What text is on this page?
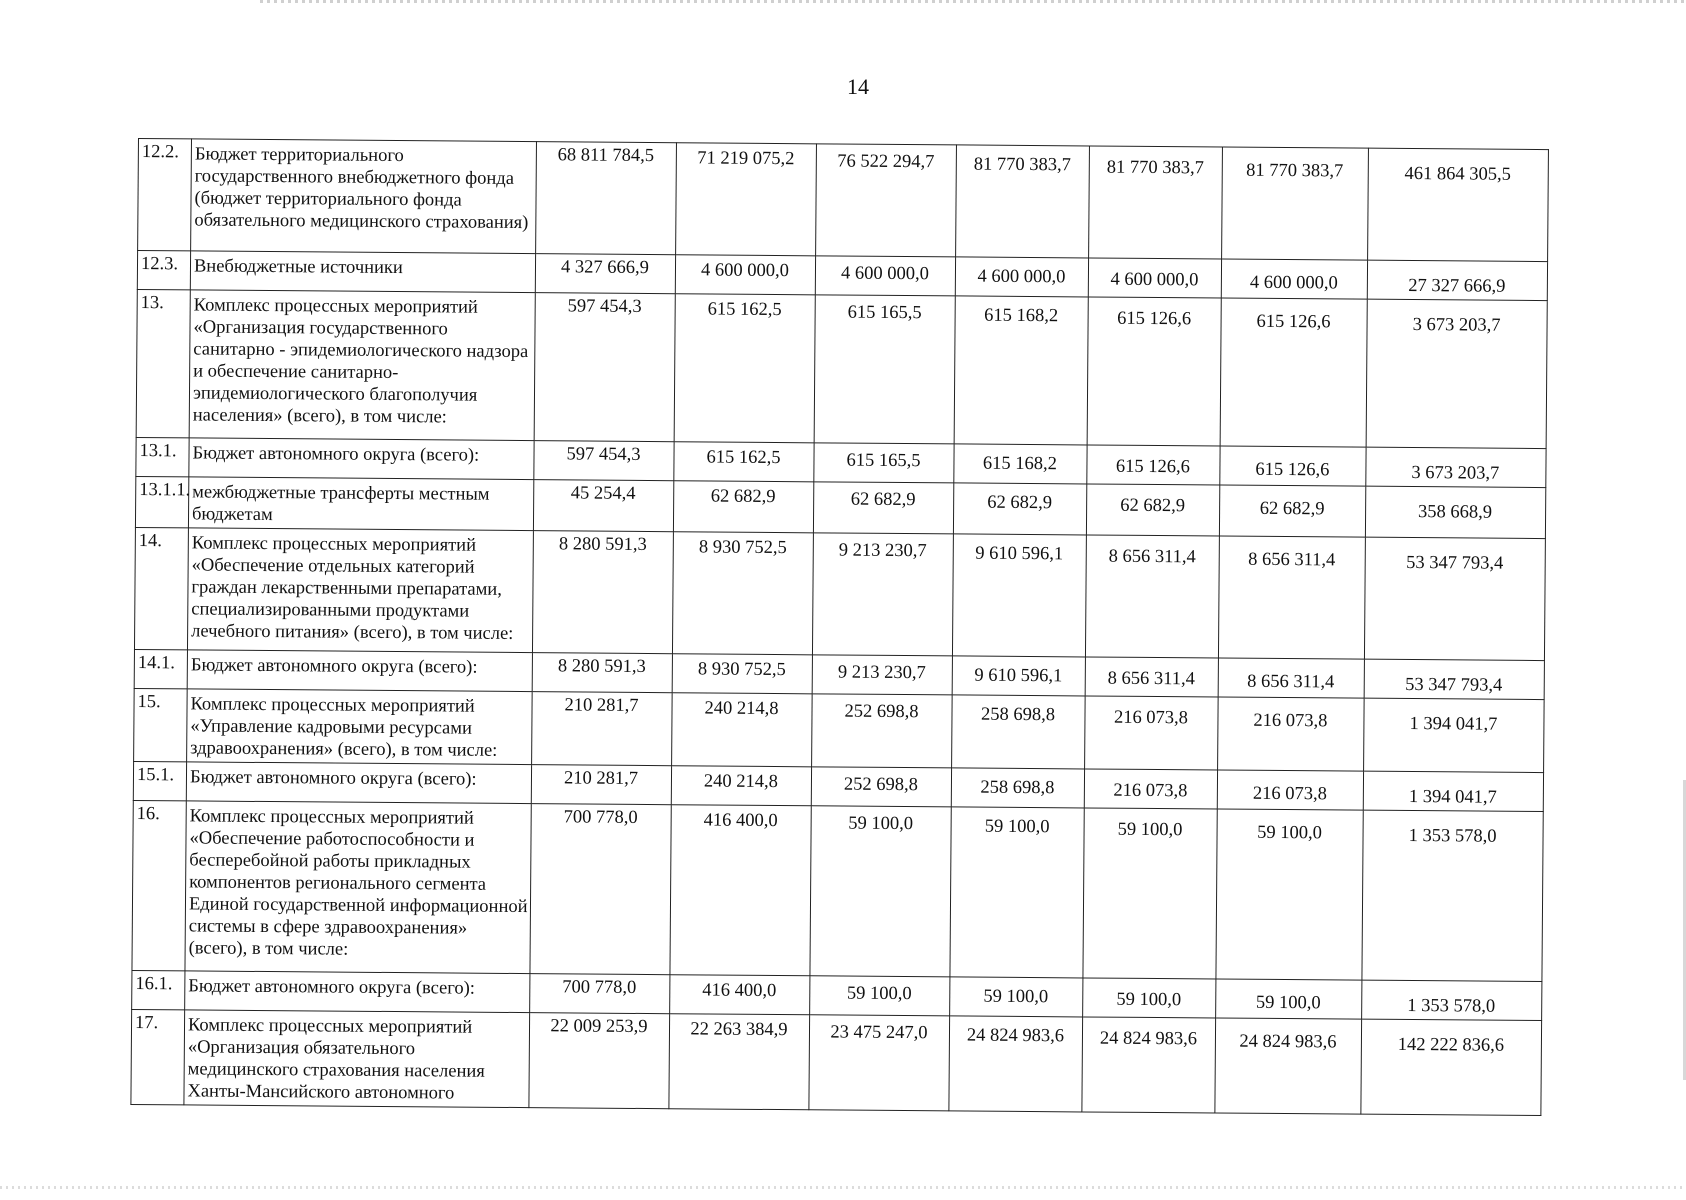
14
12.2.	Бюджет территориального государственного внебюджетного фонда (бюджет территориального фонда обязательного медицинского страхования)	68 811 784,5	71 219 075,2	76 522 294,7	81 770 383,7	81 770 383,7	81 770 383,7	461 864 305,5
12.3.	Внебюджетные источники	4 327 666,9	4 600 000,0	4 600 000,0	4 600 000,0	4 600 000,0	4 600 000,0	27 327 666,9
13.	Комплекс процессных мероприятий «Организация государственного санитарно - эпидемиологического надзора и обеспечение санитарно-эпидемиологического благополучия населения» (всего), в том числе:	597 454,3	615 162,5	615 165,5	615 168,2	615 126,6	615 126,6	3 673 203,7
13.1.	Бюджет автономного округа (всего):	597 454,3	615 162,5	615 165,5	615 168,2	615 126,6	615 126,6	3 673 203,7
13.1.1.	межбюджетные трансферты местным бюджетам	45 254,4	62 682,9	62 682,9	62 682,9	62 682,9	62 682,9	358 668,9
14.	Комплекс процессных мероприятий «Обеспечение отдельных категорий граждан лекарственными препаратами, специализированными продуктами лечебного питания» (всего), в том числе:	8 280 591,3	8 930 752,5	9 213 230,7	9 610 596,1	8 656 311,4	8 656 311,4	53 347 793,4
14.1.	Бюджет автономного округа (всего):	8 280 591,3	8 930 752,5	9 213 230,7	9 610 596,1	8 656 311,4	8 656 311,4	53 347 793,4
15.	Комплекс процессных мероприятий «Управление кадровыми ресурсами здравоохранения» (всего), в том числе:	210 281,7	240 214,8	252 698,8	258 698,8	216 073,8	216 073,8	1 394 041,7
15.1.	Бюджет автономного округа (всего):	210 281,7	240 214,8	252 698,8	258 698,8	216 073,8	216 073,8	1 394 041,7
16.	Комплекс процессных мероприятий «Обеспечение работоспособности и бесперебойной работы прикладных компонентов регионального сегмента Единой государственной информационной системы в сфере здравоохранения» (всего), в том числе:	700 778,0	416 400,0	59 100,0	59 100,0	59 100,0	59 100,0	1 353 578,0
16.1.	Бюджет автономного округа (всего):	700 778,0	416 400,0	59 100,0	59 100,0	59 100,0	59 100,0	1 353 578,0
17.	Комплекс процессных мероприятий «Организация обязательного медицинского страхования населения Ханты-Мансийского автономного	22 009 253,9	22 263 384,9	23 475 247,0	24 824 983,6	24 824 983,6	24 824 983,6	142 222 836,6
